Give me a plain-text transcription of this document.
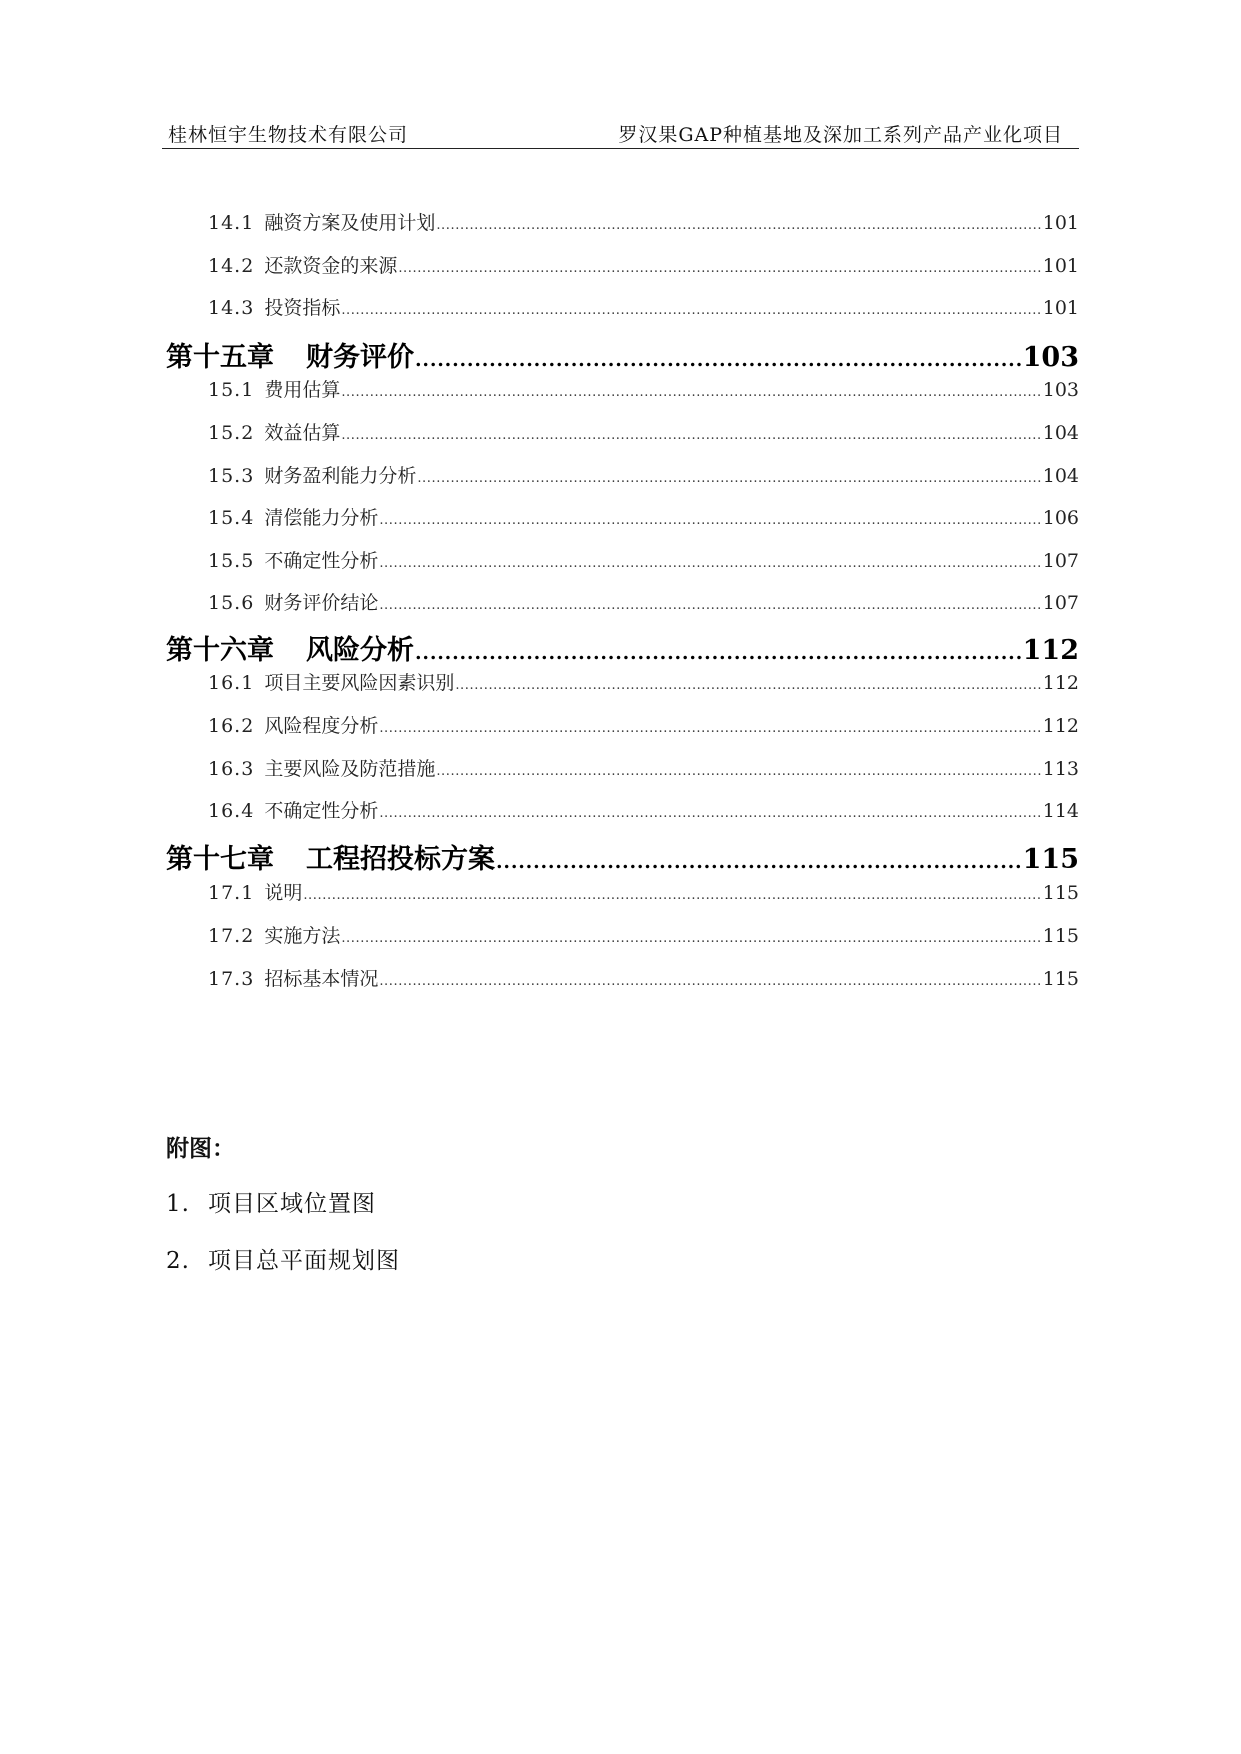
桂林恒宇生物技术有限公司	罗汉果GAP种植基地及深加工系列产品产业化项目
14.1 融资方案及使用计划 .....	101
14.2 还款资金的来源 .....	101
14.3 投资指标 .....	101
第十五章 财务评价 .....	103
15.1 费用估算 .....	103
15.2 效益估算 .....	104
15.3 财务盈利能力分析 .....	104
15.4 清偿能力分析 .....	106
15.5 不确定性分析 .....	107
15.6 财务评价结论 .....	107
第十六章 风险分析 .....	112
16.1 项目主要风险因素识别 .....	112
16.2 风险程度分析 .....	112
16.3 主要风险及防范措施 .....	113
16.4 不确定性分析 .....	114
第十七章 工程招投标方案 .....	115
17.1 说明 .....	115
17.2 实施方法 .....	115
17.3 招标基本情况 .....	115
附图：
1. 项目区域位置图
2. 项目总平面规划图
